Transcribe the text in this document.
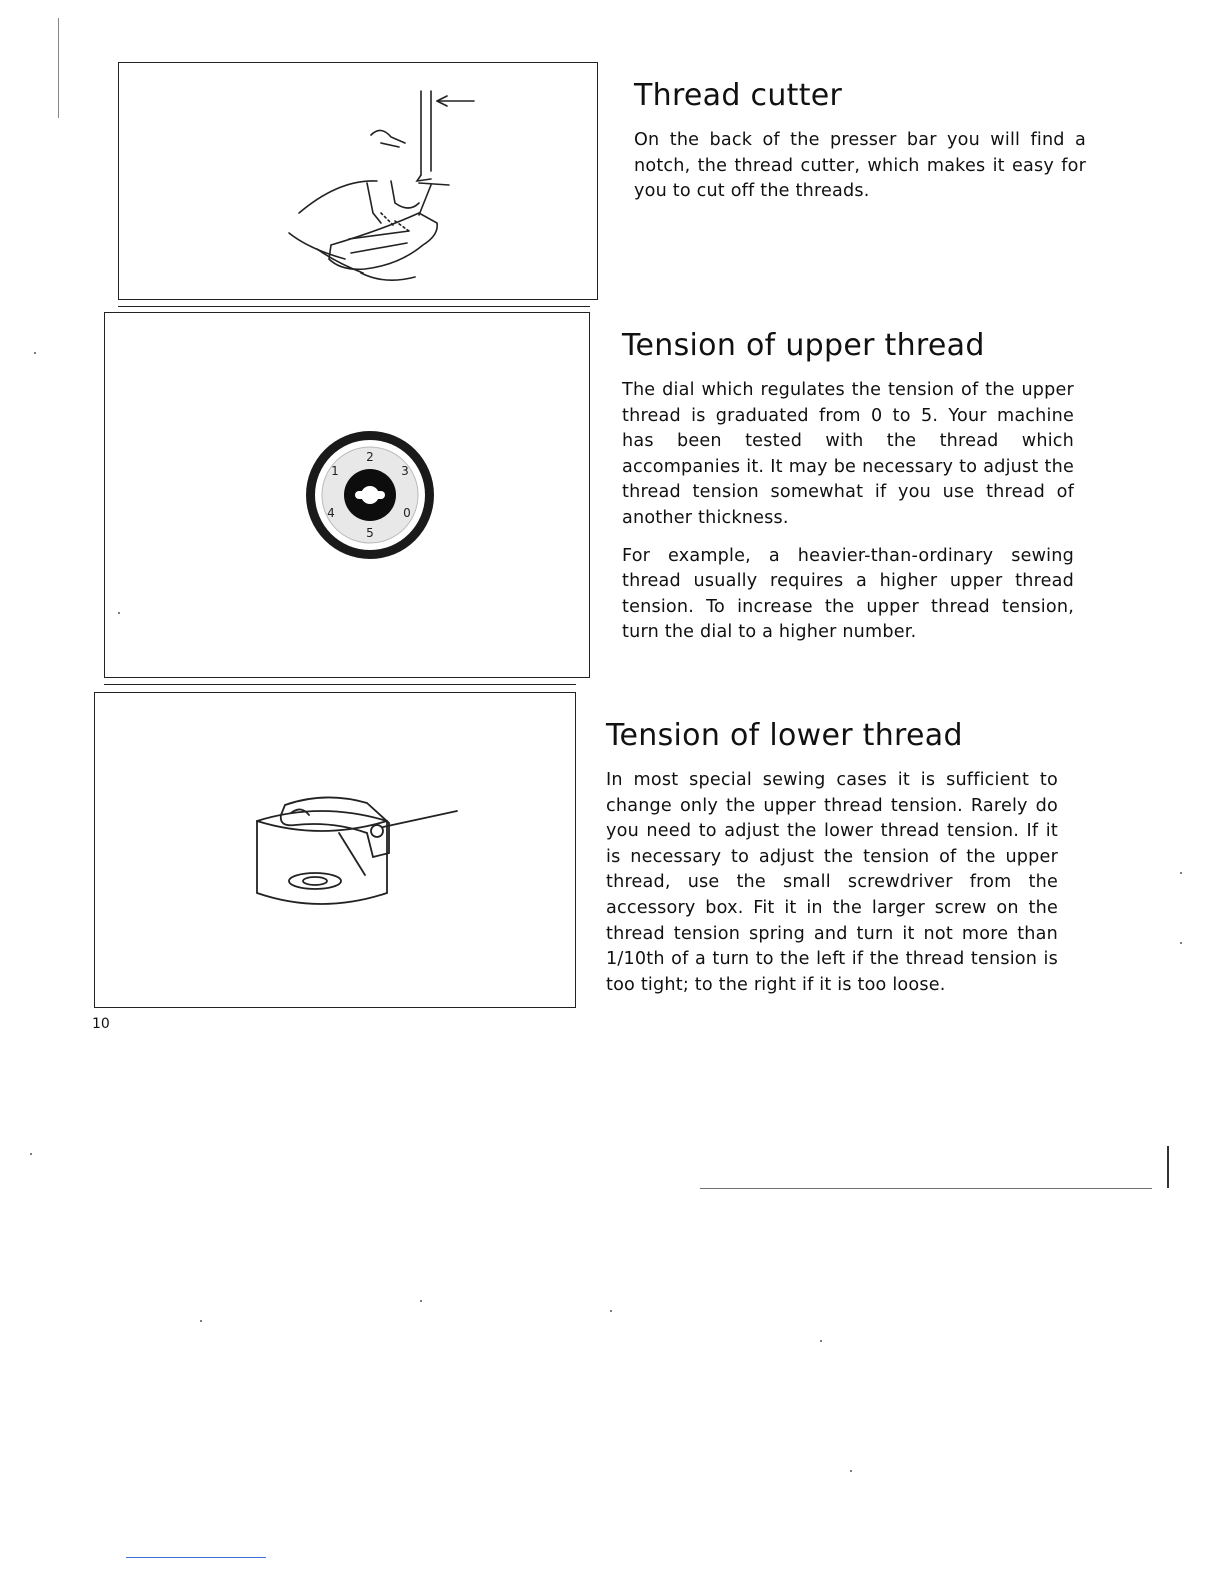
1
2
3
4
5
0
Thread cutter

On the back of the presser bar you will find a notch, the thread cutter, which makes it easy for you to cut off the threads.

Tension of upper thread

The dial which regulates the tension of the upper thread is graduated from 0 to 5. Your machine has been tested with the thread which accompanies it. It may be necessary to adjust the thread tension somewhat if you use thread of another thickness.

For example, a heavier-than-ordinary sewing thread usually requires a higher upper thread tension. To increase the upper thread tension, turn the dial to a higher number.

Tension of lower thread

In most special sewing cases it is sufficient to change only the upper thread tension. Rarely do you need to adjust the lower thread tension. If it is necessary to adjust the tension of the upper thread, use the small screwdriver from the accessory box. Fit it in the larger screw on the thread tension spring and turn it not more than 1/10th of a turn to the left if the thread tension is too tight; to the right if it is too loose.

10
